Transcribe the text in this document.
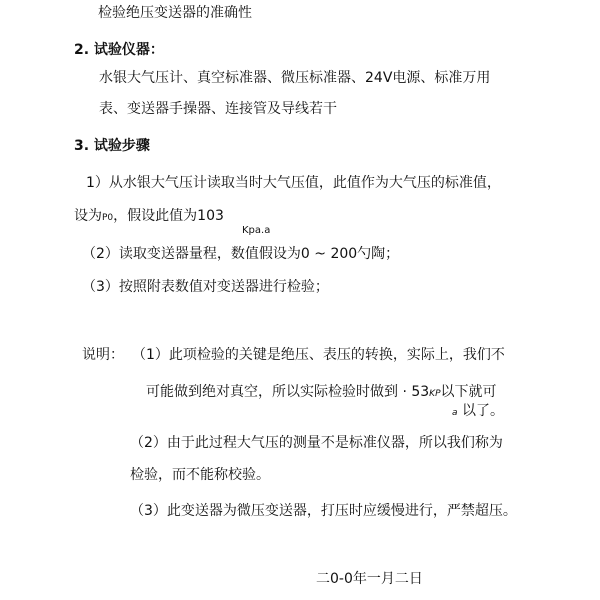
检验绝压变送器的准确性
2. 试验仪器：
水银大气压计、真空标准器、微压标准器、24V电源、标准万用
表、变送器手操器、连接管及导线若干
3. 试验步骤
1）从水银大气压计读取当时大气压值，此值作为大气压的标准值，
设为P0，假设此值为103
Kpa.a
（2）读取变送器量程，数值假设为0 ~ 200勺陶；
（3）按照附表数值对变送器进行检验；
说明： （1）此项检验的关键是绝压、表压的转换，实际上，我们不
可能做到绝对真空，所以实际检验时做到 · 53KP以下就可
a 以了。
（2）由于此过程大气压的测量不是标准仪器，所以我们称为
检验，而不能称校验。
（3）此变送器为微压变送器，打压时应缓慢进行，严禁超压。
二0-0年一月二日
